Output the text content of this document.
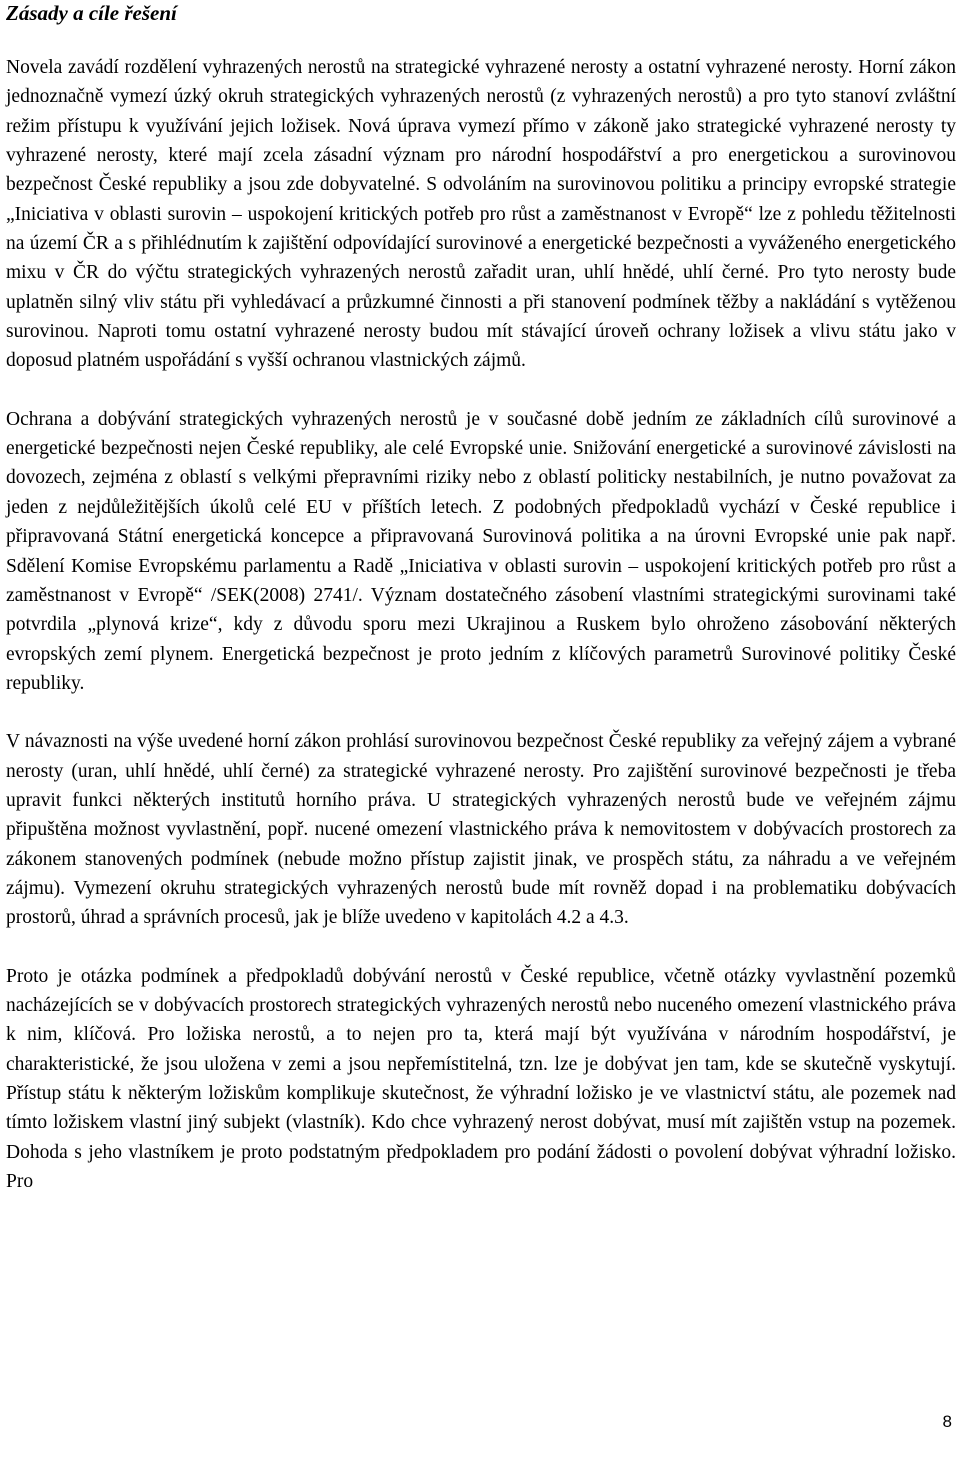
Zásady a cíle řešení

Novela zavádí rozdělení vyhrazených nerostů na strategické vyhrazené nerosty a ostatní vyhrazené nerosty. Horní zákon jednoznačně vymezí úzký okruh strategických vyhrazených nerostů (z vyhrazených nerostů) a pro tyto stanoví zvláštní režim přístupu k využívání jejich ložisek. Nová úprava vymezí přímo v zákoně jako strategické vyhrazené nerosty ty vyhrazené nerosty, které mají zcela zásadní význam pro národní hospodářství a pro energetickou a surovinovou bezpečnost České republiky a jsou zde dobyvatelné. S odvoláním na surovinovou politiku a principy evropské strategie „Iniciativa v oblasti surovin – uspokojení kritických potřeb pro růst a zaměstnanost v Evropě“ lze z pohledu těžitelnosti na území ČR a s přihlédnutím k zajištění odpovídající surovinové a energetické bezpečnosti a vyváženého energetického mixu v ČR do výčtu strategických vyhrazených nerostů zařadit uran, uhlí hnědé, uhlí černé. Pro tyto nerosty bude uplatněn silný vliv státu při vyhledávací a průzkumné činnosti a při stanovení podmínek těžby a nakládání s vytěženou surovinou. Naproti tomu ostatní vyhrazené nerosty budou mít stávající úroveň ochrany ložisek a vlivu státu jako v doposud platném uspořádání s vyšší ochranou vlastnických zájmů.

Ochrana a dobývání strategických vyhrazených nerostů je v současné době jedním ze základních cílů surovinové a energetické bezpečnosti nejen České republiky, ale celé Evropské unie. Snižování energetické a surovinové závislosti na dovozech, zejména z oblastí s velkými přepravními riziky nebo z oblastí politicky nestabilních, je nutno považovat za jeden z nejdůležitějších úkolů celé EU v příštích letech. Z podobných předpokladů vychází v České republice i připravovaná Státní energetická koncepce a připravovaná Surovinová politika a na úrovni Evropské unie pak např. Sdělení Komise Evropskému parlamentu a Radě „Iniciativa v oblasti surovin – uspokojení kritických potřeb pro růst a zaměstnanost v Evropě“ /SEK(2008) 2741/. Význam dostatečného zásobení vlastními strategickými surovinami také potvrdila „plynová krize“, kdy z důvodu sporu mezi Ukrajinou a Ruskem bylo ohroženo zásobování některých evropských zemí plynem. Energetická bezpečnost je proto jedním z klíčových parametrů Surovinové politiky České republiky.

V návaznosti na výše uvedené horní zákon prohlásí surovinovou bezpečnost České republiky za veřejný zájem a vybrané nerosty (uran, uhlí hnědé, uhlí černé) za strategické vyhrazené nerosty. Pro zajištění surovinové bezpečnosti je třeba upravit funkci některých institutů horního práva. U strategických vyhrazených nerostů bude ve veřejném zájmu připuštěna možnost vyvlastnění, popř. nucené omezení vlastnického práva k nemovitostem v dobývacích prostorech za zákonem stanovených podmínek (nebude možno přístup zajistit jinak, ve prospěch státu, za náhradu a ve veřejném zájmu). Vymezení okruhu strategických vyhrazených nerostů bude mít rovněž dopad i na problematiku dobývacích prostorů, úhrad a správních procesů, jak je blíže uvedeno v kapitolách 4.2 a 4.3.

Proto je otázka podmínek a předpokladů dobývání nerostů v České republice, včetně otázky vyvlastnění pozemků nacházejících se v dobývacích prostorech strategických vyhrazených nerostů nebo nuceného omezení vlastnického práva k nim, klíčová. Pro ložiska nerostů, a to nejen pro ta, která mají být využívána v národním hospodářství, je charakteristické, že jsou uložena v zemi a jsou nepřemístitelná, tzn. lze je dobývat jen tam, kde se skutečně vyskytují. Přístup státu k některým ložiskům komplikuje skutečnost, že výhradní ložisko je ve vlastnictví státu, ale pozemek nad tímto ložiskem vlastní jiný subjekt (vlastník). Kdo chce vyhrazený nerost dobývat, musí mít zajištěn vstup na pozemek. Dohoda s jeho vlastníkem je proto podstatným předpokladem pro podání žádosti o povolení dobývat výhradní ložisko. Pro

8
